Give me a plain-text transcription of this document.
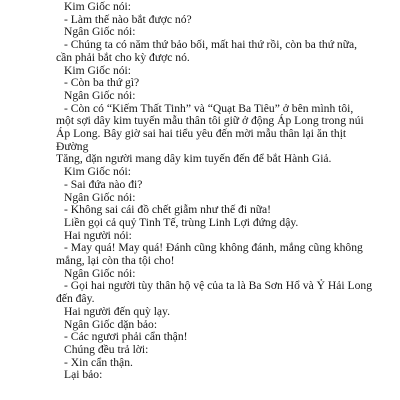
Kim Giốc nói:
- Làm thế nào bắt được nó?
Ngân Giốc nói:
- Chúng ta có năm thứ bảo bối, mất hai thứ rồi, còn ba thứ nữa,
cần phải bắt cho kỳ được nó.
Kim Giốc nói:
- Còn ba thứ gì?
Ngân Giốc nói:
- Còn có “Kiếm Thất Tinh” và “Quạt Ba Tiêu” ở bên mình tôi,
một sợi dây kim tuyến mẫu thân tôi giữ ở động Áp Long trong núi
Áp Long. Bây giờ sai hai tiểu yêu đến mời mẫu thân lại ăn thịt Đường
Tăng, dặn người mang dây kim tuyến đến để bắt Hành Giả.
Kim Giốc nói:
- Sai đứa nào đi?
Ngân Giốc nói:
- Không sai cái đồ chết giẫm như thế đi nữa!
Liền gọi cả quỷ Tinh Tế, trùng Linh Lợi đứng dậy.
Hai người nói:
- May quá! May quá! Đánh cũng không đánh, mắng cũng không
mắng, lại còn tha tội cho!
Ngân Giốc nói:
- Gọi hai người tùy thân hộ vệ của ta là Ba Sơn Hổ và Ỷ Hải Long
đến đây.
Hai người đến quỳ lạy.
Ngân Giốc dặn bảo:
- Các ngươi phải cẩn thận!
Chúng đều trả lời:
- Xin cẩn thận.
Lại bảo:
